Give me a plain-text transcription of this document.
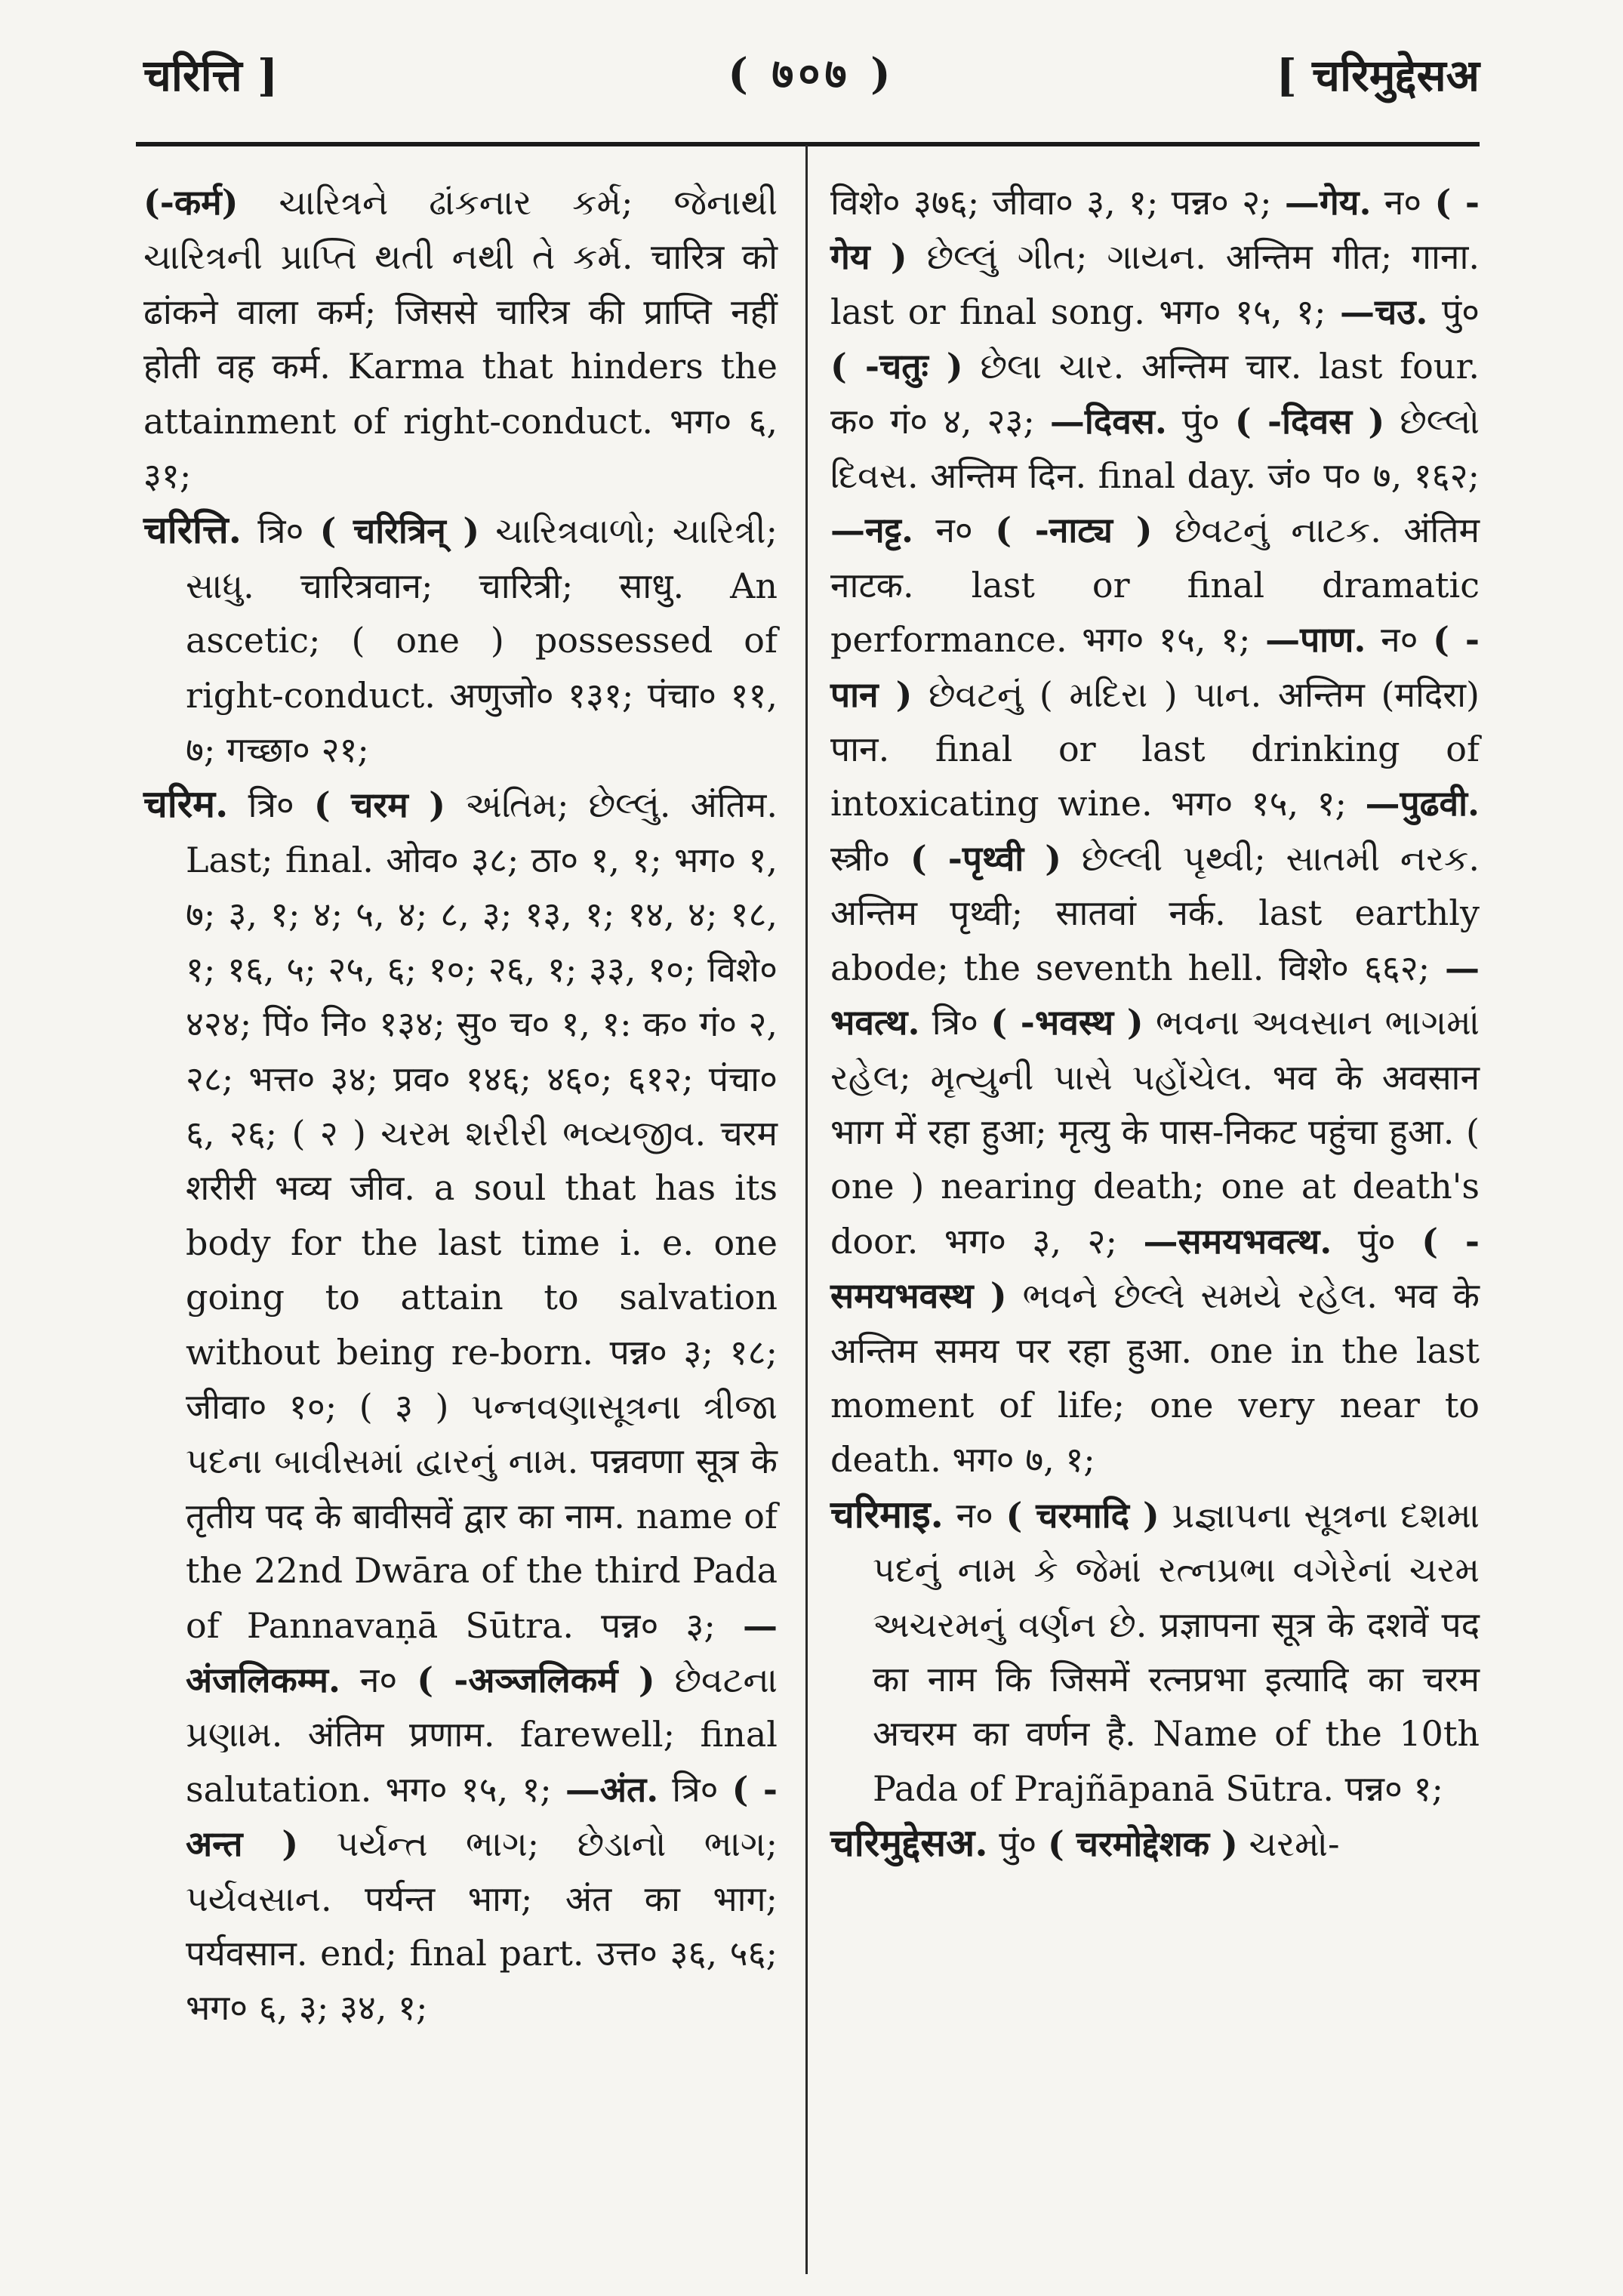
चरित्ति ]	( ७०७ )	[ चरिमुद्देसअ

(-कर्म) ચારિત્રને ઢાંકનાર કર્મ; જેનાથી ચારિત્રની પ્રાપ્તિ થતી નથી તે કર્મ. चारित्र को ढांकने वाला कर्म; जिससे चारित्र की प्राप्ति नहीं होती वह कर्म. Karma that hinders the attainment of right-conduct. भग० ६, ३१;

चरित्ति. त्रि० ( चरित्रिन् ) ચારિત્રવાળો; ચારિત્રી; સાધુ. चारित्रवान; चारित्री; साधु. An ascetic; ( one ) possessed of right-conduct. अणुजो० १३१; पंचा० ११, ७; गच्छा० २१;

चरिम. त्रि० ( चरम ) અંતિમ; છેલ્લું. अंतिम. Last; final. ओव० ३८; ठा० १, १; भग० १, ७; ३, १; ४; ५, ४; ८, ३; १३, १; १४, ४; १८, १; १६, ५; २५, ६; १०; २६, १; ३३, १०; विशे० ४२४; पिं० नि० १३४; सु० च० १, १: क० गं० २, २८; भत्त० ३४; प्रव० १४६; ४६०; ६१२; पंचा० ६, २६; ( २ ) ચરમ શરીરી ભવ્યજીવ. चरम शरीरी भव्य जीव. a soul that has its body for the last time i. e. one going to attain to salvation without being re-born. पन्न० ३; १८; जीवा० १०; ( ३ ) પન્નવણાસૂત્રના ત્રીજા પદના બાવીસમાં દ્વારનું નામ. पन्नवणा सूत्र के तृतीय पद के बावीसवें द्वार का नाम. name of the 22nd Dwāra of the third Pada of Pannavaṇā Sūtra. पन्न० ३; —अंजलिकम्म. न० ( -अञ्जलिकर्म ) છેવટના પ્રણામ. अंतिम प्रणाम. farewell; final salutation. भग० १५, १; —अंत. त्रि० ( -अन्त ) પર્યન્ત ભાગ; છેડાનો ભાગ; પર્યવસાન. पर्यन्त भाग; अंत का भाग; पर्यवसान. end; final part. उत्त० ३६, ५६; भग० ६, ३; ३४, १;

विशे० ३७६; जीवा० ३, १; पन्न० २; —गेय. न० ( -गेय ) છેલ્લું ગીત; ગાયન. अन्तिम गीत; गाना. last or final song. भग० १५, १; —चउ. पुं० ( -चतुः ) છેલા ચાર. अन्तिम चार. last four. क० गं० ४, २३; —दिवस. पुं० ( -दिवस ) છેલ્લો દિવસ. अन्तिम दिन. final day. जं० प० ७, १६२; —नट्ट. न० ( -नाट्य ) છેવટનું નાટક. अंतिम नाटक. last or final dramatic performance. भग० १५, १; —पाण. न० ( -पान ) છેવટનું ( મદિરા ) પાન. अन्तिम (मदिरा) पान. final or last drinking of intoxicating wine. भग० १५, १; —पुढवी. स्त्री० ( -पृथ्वी ) છેલ્લી પૃથ્વી; સાતમી નરક. अन्तिम पृथ्वी; सातवां नर्क. last earthly abode; the seventh hell. विशे० ६६२; —भवत्थ. त्रि० ( -भवस्थ ) ભવના અવસાન ભાગમાં રહેલ; મૃત્યુની પાસે પહોંચેલ. भव के अवसान भाग में रहा हुआ; मृत्यु के पास-निकट पहुंचा हुआ. ( one ) nearing death; one at death's door. भग० ३, २; —समयभवत्थ. पुं० ( -समयभवस्थ ) ભવને છેલ્લે સમયે રહેલ. भव के अन्तिम समय पर रहा हुआ. one in the last moment of life; one very near to death. भग० ७, १;

चरिमाइ. न० ( चरमादि ) પ્રજ્ઞાપના સૂત્રના દશમા પદનું નામ કે જેમાં રત્નપ્રભા વગેરેનાં ચરમ અચરમનું વર્ણન છે. प्रज्ञापना सूत्र के दशवें पद का नाम कि जिसमें रत्नप्रभा इत्यादि का चरम अचरम का वर्णन है. Name of the 10th Pada of Prajñāpanā Sūtra. पन्न० १;

चरिमुद्देसअ. पुं० ( चरमोद्देशक ) ચરમો-
